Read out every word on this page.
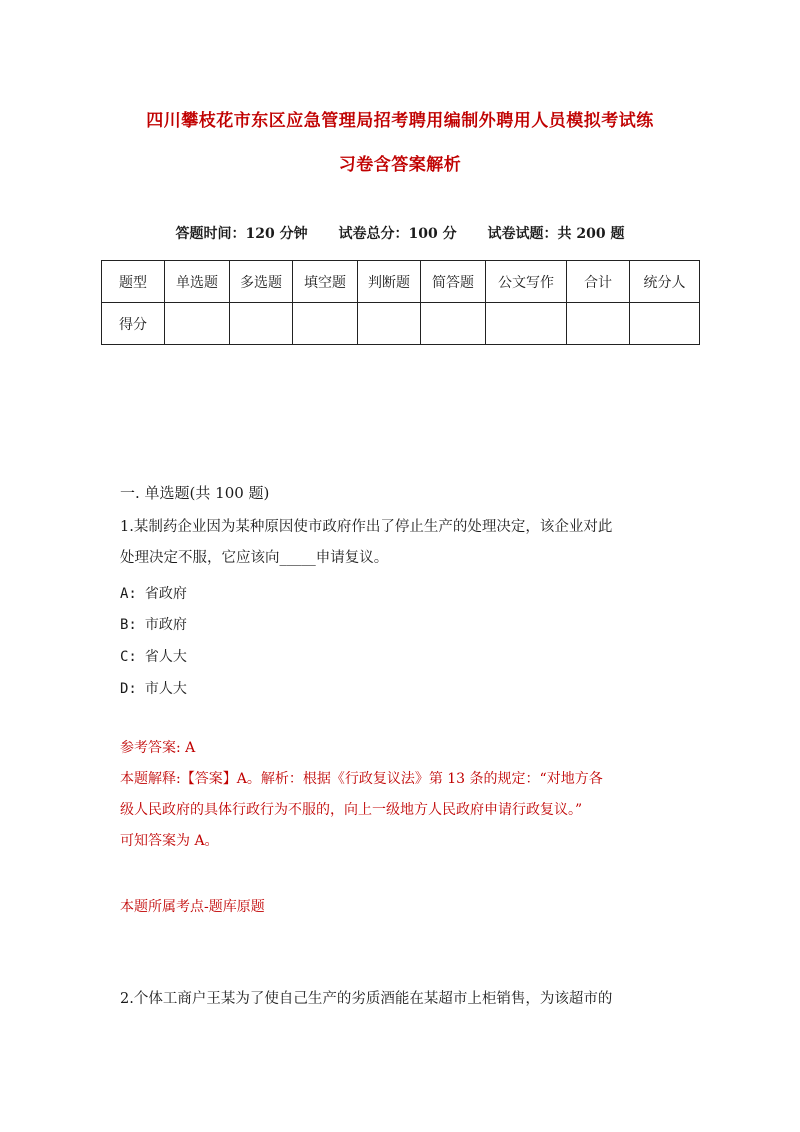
四川攀枝花市东区应急管理局招考聘用编制外聘用人员模拟考试练
习卷含答案解析
答题时间：120 分钟 试卷总分：100 分 试卷试题：共 200 题
题型	单选题	多选题	填空题	判断题	简答题	公文写作	合计	统分人
得分								
一. 单选题(共 100 题)
1.某制药企业因为某种原因使市政府作出了停止生产的处理决定，该企业对此
处理决定不服，它应该向_____申请复议。
A: 省政府
B: 市政府
C: 省人大
D: 市人大
参考答案: A
本题解释:【答案】A。解析：根据《行政复议法》第 13 条的规定：“对地方各
级人民政府的具体行政行为不服的，向上一级地方人民政府申请行政复议。”
可知答案为 A。
本题所属考点-题库原题
2.个体工商户王某为了使自己生产的劣质酒能在某超市上柜销售，为该超市的
